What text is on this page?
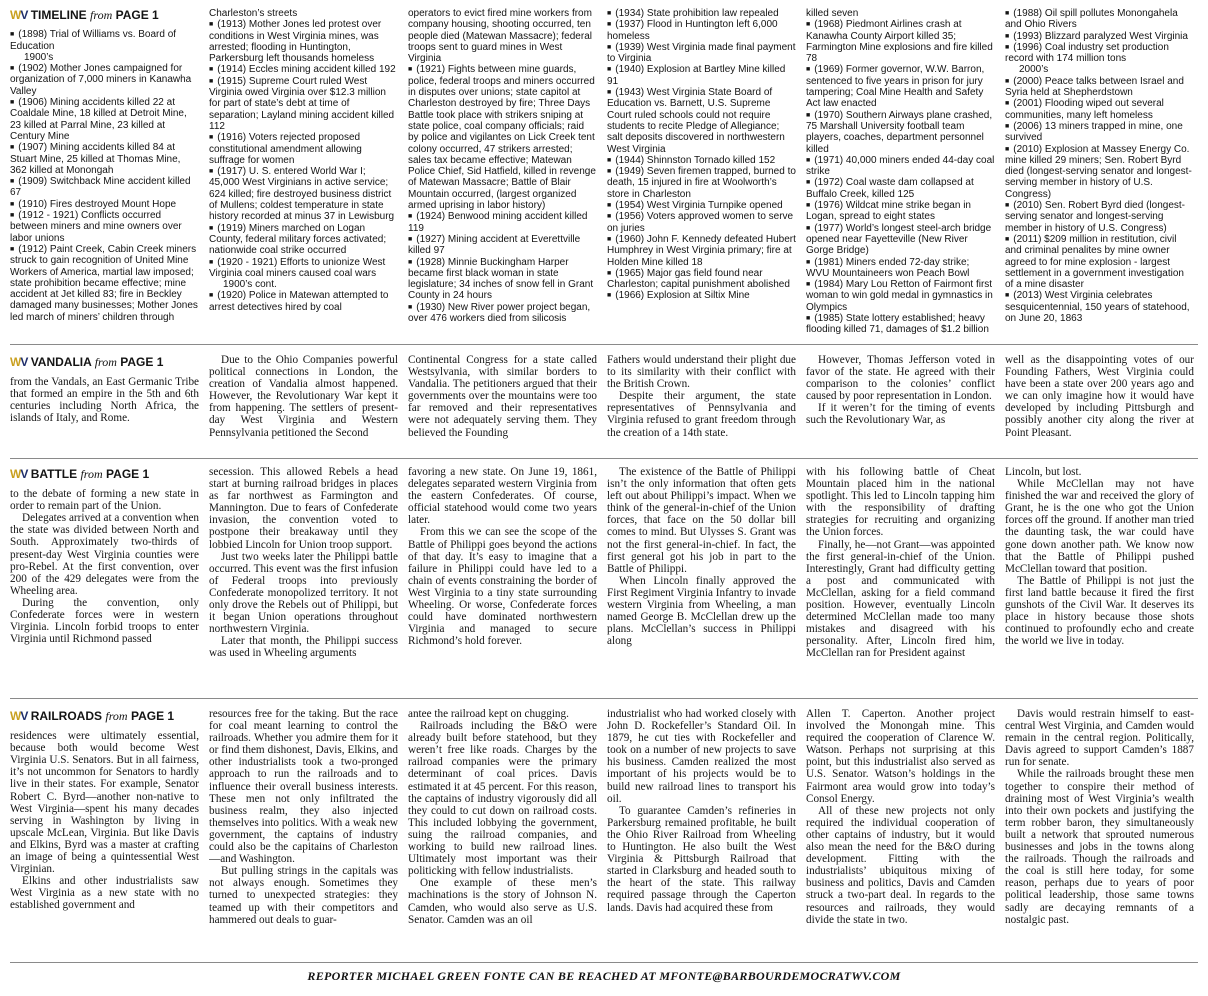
WV TIMELINE from PAGE 1

■ (1898) Trial of Williams vs. Board of Education

1900’s

■ (1902) Mother Jones campaigned for organization of 7,000 miners in Kanawha Valley

■ (1906) Mining accidents killed 22 at Coaldale Mine, 18 killed at Detroit Mine, 23 killed at Parral Mine, 23 killed at Century Mine

■ (1907) Mining accidents killed 84 at Stuart Mine, 25 killed at Thomas Mine, 362 killed at Monongah

■ (1909) Switchback Mine accident killed 67

■ (1910) Fires destroyed Mount Hope

■ (1912 - 1921) Conflicts occurred between miners and mine owners over labor unions

■ (1912) Paint Creek, Cabin Creek miners struck to gain recognition of United Mine Workers of America, martial law imposed; state prohibition became effective; mine accident at Jet killed 83; fire in Beckley damaged many businesses; Mother Jones led march of miners’ children through

Charleston’s streets

■ (1913) Mother Jones led protest over conditions in West Virginia mines, was arrested; flooding in Huntington, Parkersburg left thousands homeless

■ (1914) Eccles mining accident killed 192

■ (1915) Supreme Court ruled West Virginia owed Virginia over $12.3 million for part of state’s debt at time of separation; Layland mining accident killed 112

■ (1916) Voters rejected proposed constitutional amendment allowing suffrage for women

■ (1917) U. S. entered World War I; 45,000 West Virginians in active service; 624 killed; fire destroyed business district of Mullens; coldest temperature in state history recorded at minus 37 in Lewisburg

■ (1919) Miners marched on Logan County, federal military forces activated; nationwide coal strike occurred

■ (1920 - 1921) Efforts to unionize West Virginia coal miners caused coal wars

1900’s cont.

■ (1920) Police in Matewan attempted to arrest detectives hired by coal

operators to evict fired mine workers from company housing, shooting occurred, ten people died (Matewan Massacre); federal troops sent to guard mines in West Virginia

■ (1921) Fights between mine guards, police, federal troops and miners occurred in disputes over unions; state capitol at Charleston destroyed by fire; Three Days Battle took place with strikers sniping at state police, coal company officials; raid by police and vigilantes on Lick Creek tent colony occurred, 47 strikers arrested; sales tax became effective; Matewan Police Chief, Sid Hatfield, killed in revenge of Matewan Massacre; Battle of Blair Mountain occurred, (largest organized armed uprising in labor history)

■ (1924) Benwood mining accident killed 119

■ (1927) Mining accident at Everettville killed 97

■ (1928) Minnie Buckingham Harper became first black woman in state legislature; 34 inches of snow fell in Grant County in 24 hours

■ (1930) New River power project began, over 476 workers died from silicosis

■ (1934) State prohibition law repealed

■ (1937) Flood in Huntington left 6,000 homeless

■ (1939) West Virginia made final payment to Virginia

■ (1940) Explosion at Bartley Mine killed 91

■ (1943) West Virginia State Board of Education vs. Barnett, U.S. Supreme Court ruled schools could not require students to recite Pledge of Allegiance; salt deposits discovered in northwestern West Virginia

■ (1944) Shinnston Tornado killed 152

■ (1949) Seven firemen trapped, burned to death, 15 injured in fire at Woolworth’s store in Charleston

■ (1954) West Virginia Turnpike opened

■ (1956) Voters approved women to serve on juries

■ (1960) John F. Kennedy defeated Hubert Humphrey in West Virginia primary; fire at Holden Mine killed 18

■ (1965) Major gas field found near Charleston; capital punishment abolished

■ (1966) Explosion at Siltix Mine

killed seven

■ (1968) Piedmont Airlines crash at Kanawha County Airport killed 35; Farmington Mine explosions and fire killed 78

■ (1969) Former governor, W.W. Barron, sentenced to five years in prison for jury tampering; Coal Mine Health and Safety Act law enacted

■ (1970) Southern Airways plane crashed, 75 Marshall University football team players, coaches, department personnel killed

■ (1971) 40,000 miners ended 44-day coal strike

■ (1972) Coal waste dam collapsed at Buffalo Creek, killed 125

■ (1976) Wildcat mine strike began in Logan, spread to eight states

■ (1977) World’s longest steel-arch bridge opened near Fayetteville (New River Gorge Bridge)

■ (1981) Miners ended 72-day strike; WVU Mountaineers won Peach Bowl

■ (1984) Mary Lou Retton of Fairmont first woman to win gold medal in gymnastics in Olympics

■ (1985) State lottery established; heavy flooding killed 71, damages of $1.2 billion

■ (1988) Oil spill pollutes Monongahela and Ohio Rivers

■ (1993) Blizzard paralyzed West Virginia

■ (1996) Coal industry set production record with 174 million tons

2000’s

■ (2000) Peace talks between Israel and Syria held at Shepherdstown

■ (2001) Flooding wiped out several communities, many left homeless

■ (2006) 13 miners trapped in mine, one survived

■ (2010) Explosion at Massey Energy Co. mine killed 29 miners; Sen. Robert Byrd died (longest-serving senator and longest-serving member in history of U.S. Congress)

■ (2010) Sen. Robert Byrd died (longest-serving senator and longest-serving member in history of U.S. Congress)

■ (2011) $209 million in restitution, civil and criminal penalites by mine owner agreed to for mine explosion - largest settlement in a government investigation of a mine disaster

■ (2013) West Virginia celebrates sesquicentennial, 150 years of statehood, on June 20, 1863

WV VANDALIA from PAGE 1

from the Vandals, an East Germanic Tribe that formed an empire in the 5th and 6th centuries including North Africa, the islands of Italy, and Rome.

Due to the Ohio Companies powerful political connections in London, the creation of Vandalia almost happened. However, the Revolutionary War kept it from happening. The settlers of present-day West Virginia and Western Pennsylvania petitioned the Second

Continental Congress for a state called Westsylvania, with similar borders to Vandalia. The petitioners argued that their governments over the mountains were too far removed and their representatives were not adequately serving them. They believed the Founding

Fathers would understand their plight due to its similarity with their conflict with the British Crown.

Despite their argument, the state representatives of Pennsylvania and Virginia refused to grant freedom through the creation of a 14th state.

However, Thomas Jefferson voted in favor of the state. He agreed with their comparison to the colonies’ conflict caused by poor representation in London.

If it weren’t for the timing of events such the Revolutionary War, as

well as the disappointing votes of our Founding Fathers, West Virginia could have been a state over 200 years ago and we can only imagine how it would have developed by including Pittsburgh and possibly another city along the river at Point Pleasant.

WV BATTLE from PAGE 1

to the debate of forming a new state in order to remain part of the Union.

Delegates arrived at a convention when the state was divided between North and South. Approximately two-thirds of present-day West Virginia counties were pro-Rebel. At the first convention, over 200 of the 429 delegates were from the Wheeling area.

During the convention, only Confederate forces were in western Virginia. Lincoln forbid troops to enter Virginia until Richmond passed

secession. This allowed Rebels a head start at burning railroad bridges in places as far northwest as Farmington and Mannington. Due to fears of Confederate invasion, the convention voted to postpone their breakaway until they lobbied Lincoln for Union troop support.

Just two weeks later the Philippi battle occurred. This event was the first infusion of Federal troops into previously Confederate monopolized territory. It not only drove the Rebels out of Philippi, but it began Union operations throughout northwestern Virginia.

Later that month, the Philippi success was used in Wheeling arguments

favoring a new state. On June 19, 1861, delegates separated western Virginia from the eastern Confederates. Of course, official statehood would come two years later.

From this we can see the scope of the Battle of Philippi goes beyond the actions of that day. It’s easy to imagine that a failure in Philippi could have led to a chain of events constraining the border of West Virginia to a tiny state surrounding Wheeling. Or worse, Confederate forces could have dominated northwestern Virginia and managed to secure Richmond’s hold forever.

The existence of the Battle of Philippi isn’t the only information that often gets left out about Philippi’s impact. When we think of the general-in-chief of the Union forces, that face on the 50 dollar bill comes to mind. But Ulysses S. Grant was not the first general-in-chief. In fact, the first general got his job in part to the Battle of Philippi.

When Lincoln finally approved the First Regiment Virginia Infantry to invade western Virginia from Wheeling, a man named George B. McClellan drew up the plans. McClellan’s success in Philippi along

with his following battle of Cheat Mountain placed him in the national spotlight. This led to Lincoln tapping him with the responsibility of drafting strategies for recruiting and organizing the Union forces.

Finally, he—not Grant—was appointed the first general-in-chief of the Union. Interestingly, Grant had difficulty getting a post and communicated with McClellan, asking for a field command position. However, eventually Lincoln determined McClellan made too many mistakes and disagreed with his personality. After, Lincoln fired him, McClellan ran for President against

Lincoln, but lost.

While McClellan may not have finished the war and received the glory of Grant, he is the one who got the Union forces off the ground. If another man tried the daunting task, the war could have gone down another path. We know now that the Battle of Philippi pushed McClellan toward that position.

The Battle of Philippi is not just the first land battle because it fired the first gunshots of the Civil War. It deserves its place in history because those shots continued to profoundly echo and create the world we live in today.

WV RAILROADS from PAGE 1

residences were ultimately essential, because both would become West Virginia U.S. Senators. But in all fairness, it’s not uncommon for Senators to hardly live in their states. For example, Senator Robert C. Byrd—another non-native to West Virginia—spent his many decades serving in Washington by living in upscale McLean, Virginia. But like Davis and Elkins, Byrd was a master at crafting an image of being a quintessential West Virginian.

Elkins and other industrialists saw West Virginia as a new state with no established government and

resources free for the taking. But the race for coal meant learning to control the railroads. Whether you admire them for it or find them dishonest, Davis, Elkins, and other industrialists took a two-pronged approach to run the railroads and to influence their overall business interests. These men not only infiltrated the business realm, they also injected themselves into politics. With a weak new government, the captains of industry could also be the capitains of Charleston—and Washington.

But pulling strings in the capitals was not always enough. Sometimes they turned to unexpected strategies: they teamed up with their competitors and hammered out deals to guar-

antee the railroad kept on chugging.

Railroads including the B&O were already built before statehood, but they weren’t free like roads. Charges by the railroad companies were the primary determinant of coal prices. Davis estimated it at 45 percent. For this reason, the captains of industry vigorously did all they could to cut down on railroad costs. This included lobbying the government, suing the railroad companies, and working to build new railroad lines. Ultimately most important was their politicking with fellow industrialists.

One example of these men’s machinations is the story of Johnson N. Camden, who would also serve as U.S. Senator. Camden was an oil

industrialist who had worked closely with John D. Rockefeller’s Standard Oil. In 1879, he cut ties with Rockefeller and took on a number of new projects to save his business. Camden realized the most important of his projects would be to build new railroad lines to transport his oil.

To guarantee Camden’s refineries in Parkersburg remained profitable, he built the Ohio River Railroad from Wheeling to Huntington. He also built the West Virginia & Pittsburgh Railroad that started in Clarksburg and headed south to the heart of the state. This railway required passage through the Caperton lands. Davis had acquired these from

Allen T. Caperton. Another project involved the Monongah mine. This required the cooperation of Clarence W. Watson. Perhaps not surprising at this point, but this industrialist also served as U.S. Senator. Watson’s holdings in the Fairmont area would grow into today’s Consol Energy.

All of these new projects not only required the individual cooperation of other captains of industry, but it would also mean the need for the B&O during development. Fitting with the industrialists’ ubiquitous mixing of business and politics, Davis and Camden struck a two-part deal. In regards to the resources and railroads, they would divide the state in two.

Davis would restrain himself to east-central West Virginia, and Camden would remain in the central region. Politically, Davis agreed to support Camden’s 1887 run for senate.

While the railroads brought these men together to conspire their method of draining most of West Virginia’s wealth into their own pockets and justifying the term robber baron, they simultaneously built a network that sprouted numerous businesses and jobs in the towns along the railroads. Though the railroads and the coal is still here today, for some reason, perhaps due to years of poor political leadership, those same towns sadly are decaying remnants of a nostalgic past.

REPORTER MICHAEL GREEN FONTE CAN BE REACHED AT MFONTE@BARBOURDEMOCRATWV.COM
